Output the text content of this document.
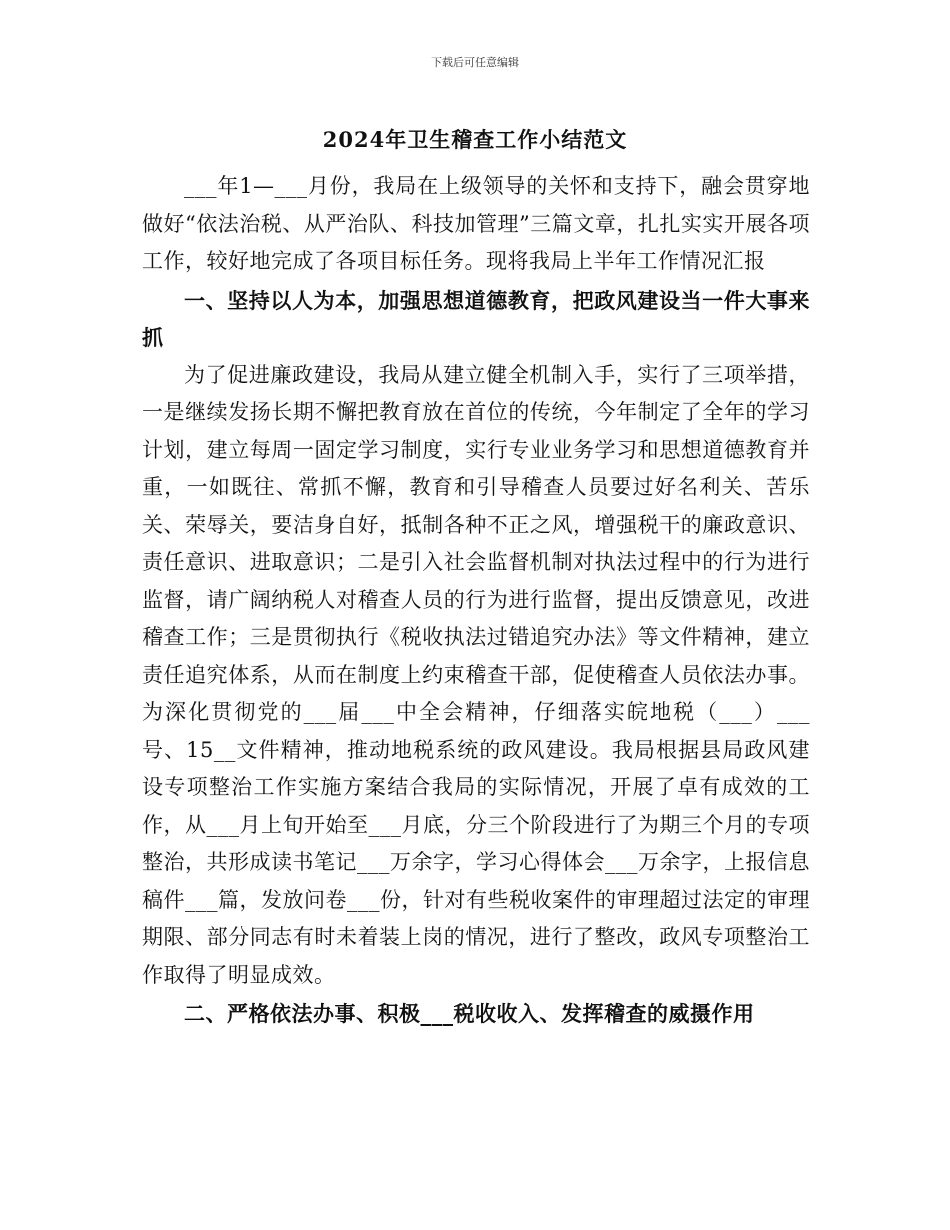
下载后可任意编辑
2024年卫生稽查工作小结范文

___年1—___月份，我局在上级领导的关怀和支持下，融会贯穿地做好“依法治税、从严治队、科技加管理”三篇文章，扎扎实实开展各项工作，较好地完成了各项目标任务。现将我局上半年工作情况汇报

一、坚持以人为本，加强思想道德教育，把政风建设当一件大事来抓

为了促进廉政建设，我局从建立健全机制入手，实行了三项举措，一是继续发扬长期不懈把教育放在首位的传统，今年制定了全年的学习计划，建立每周一固定学习制度，实行专业业务学习和思想道德教育并重，一如既往、常抓不懈，教育和引导稽查人员要过好名利关、苦乐关、荣辱关，要洁身自好，抵制各种不正之风，增强税干的廉政意识、责任意识、进取意识；二是引入社会监督机制对执法过程中的行为进行监督，请广阔纳税人对稽查人员的行为进行监督，提出反馈意见，改进稽查工作；三是贯彻执行《税收执法过错追究办法》等文件精神，建立责任追究体系，从而在制度上约束稽查干部，促使稽查人员依法办事。为深化贯彻党的___届___中全会精神，仔细落实皖地税（___）___号、15__文件精神，推动地税系统的政风建设。我局根据县局政风建设专项整治工作实施方案结合我局的实际情况，开展了卓有成效的工作，从___月上旬开始至___月底，分三个阶段进行了为期三个月的专项整治，共形成读书笔记___万余字，学习心得体会___万余字，上报信息稿件___篇，发放问卷___份，针对有些税收案件的审理超过法定的审理期限、部分同志有时未着装上岗的情况，进行了整改，政风专项整治工作取得了明显成效。

二、严格依法办事、积极___税收收入、发挥稽查的威摄作用
